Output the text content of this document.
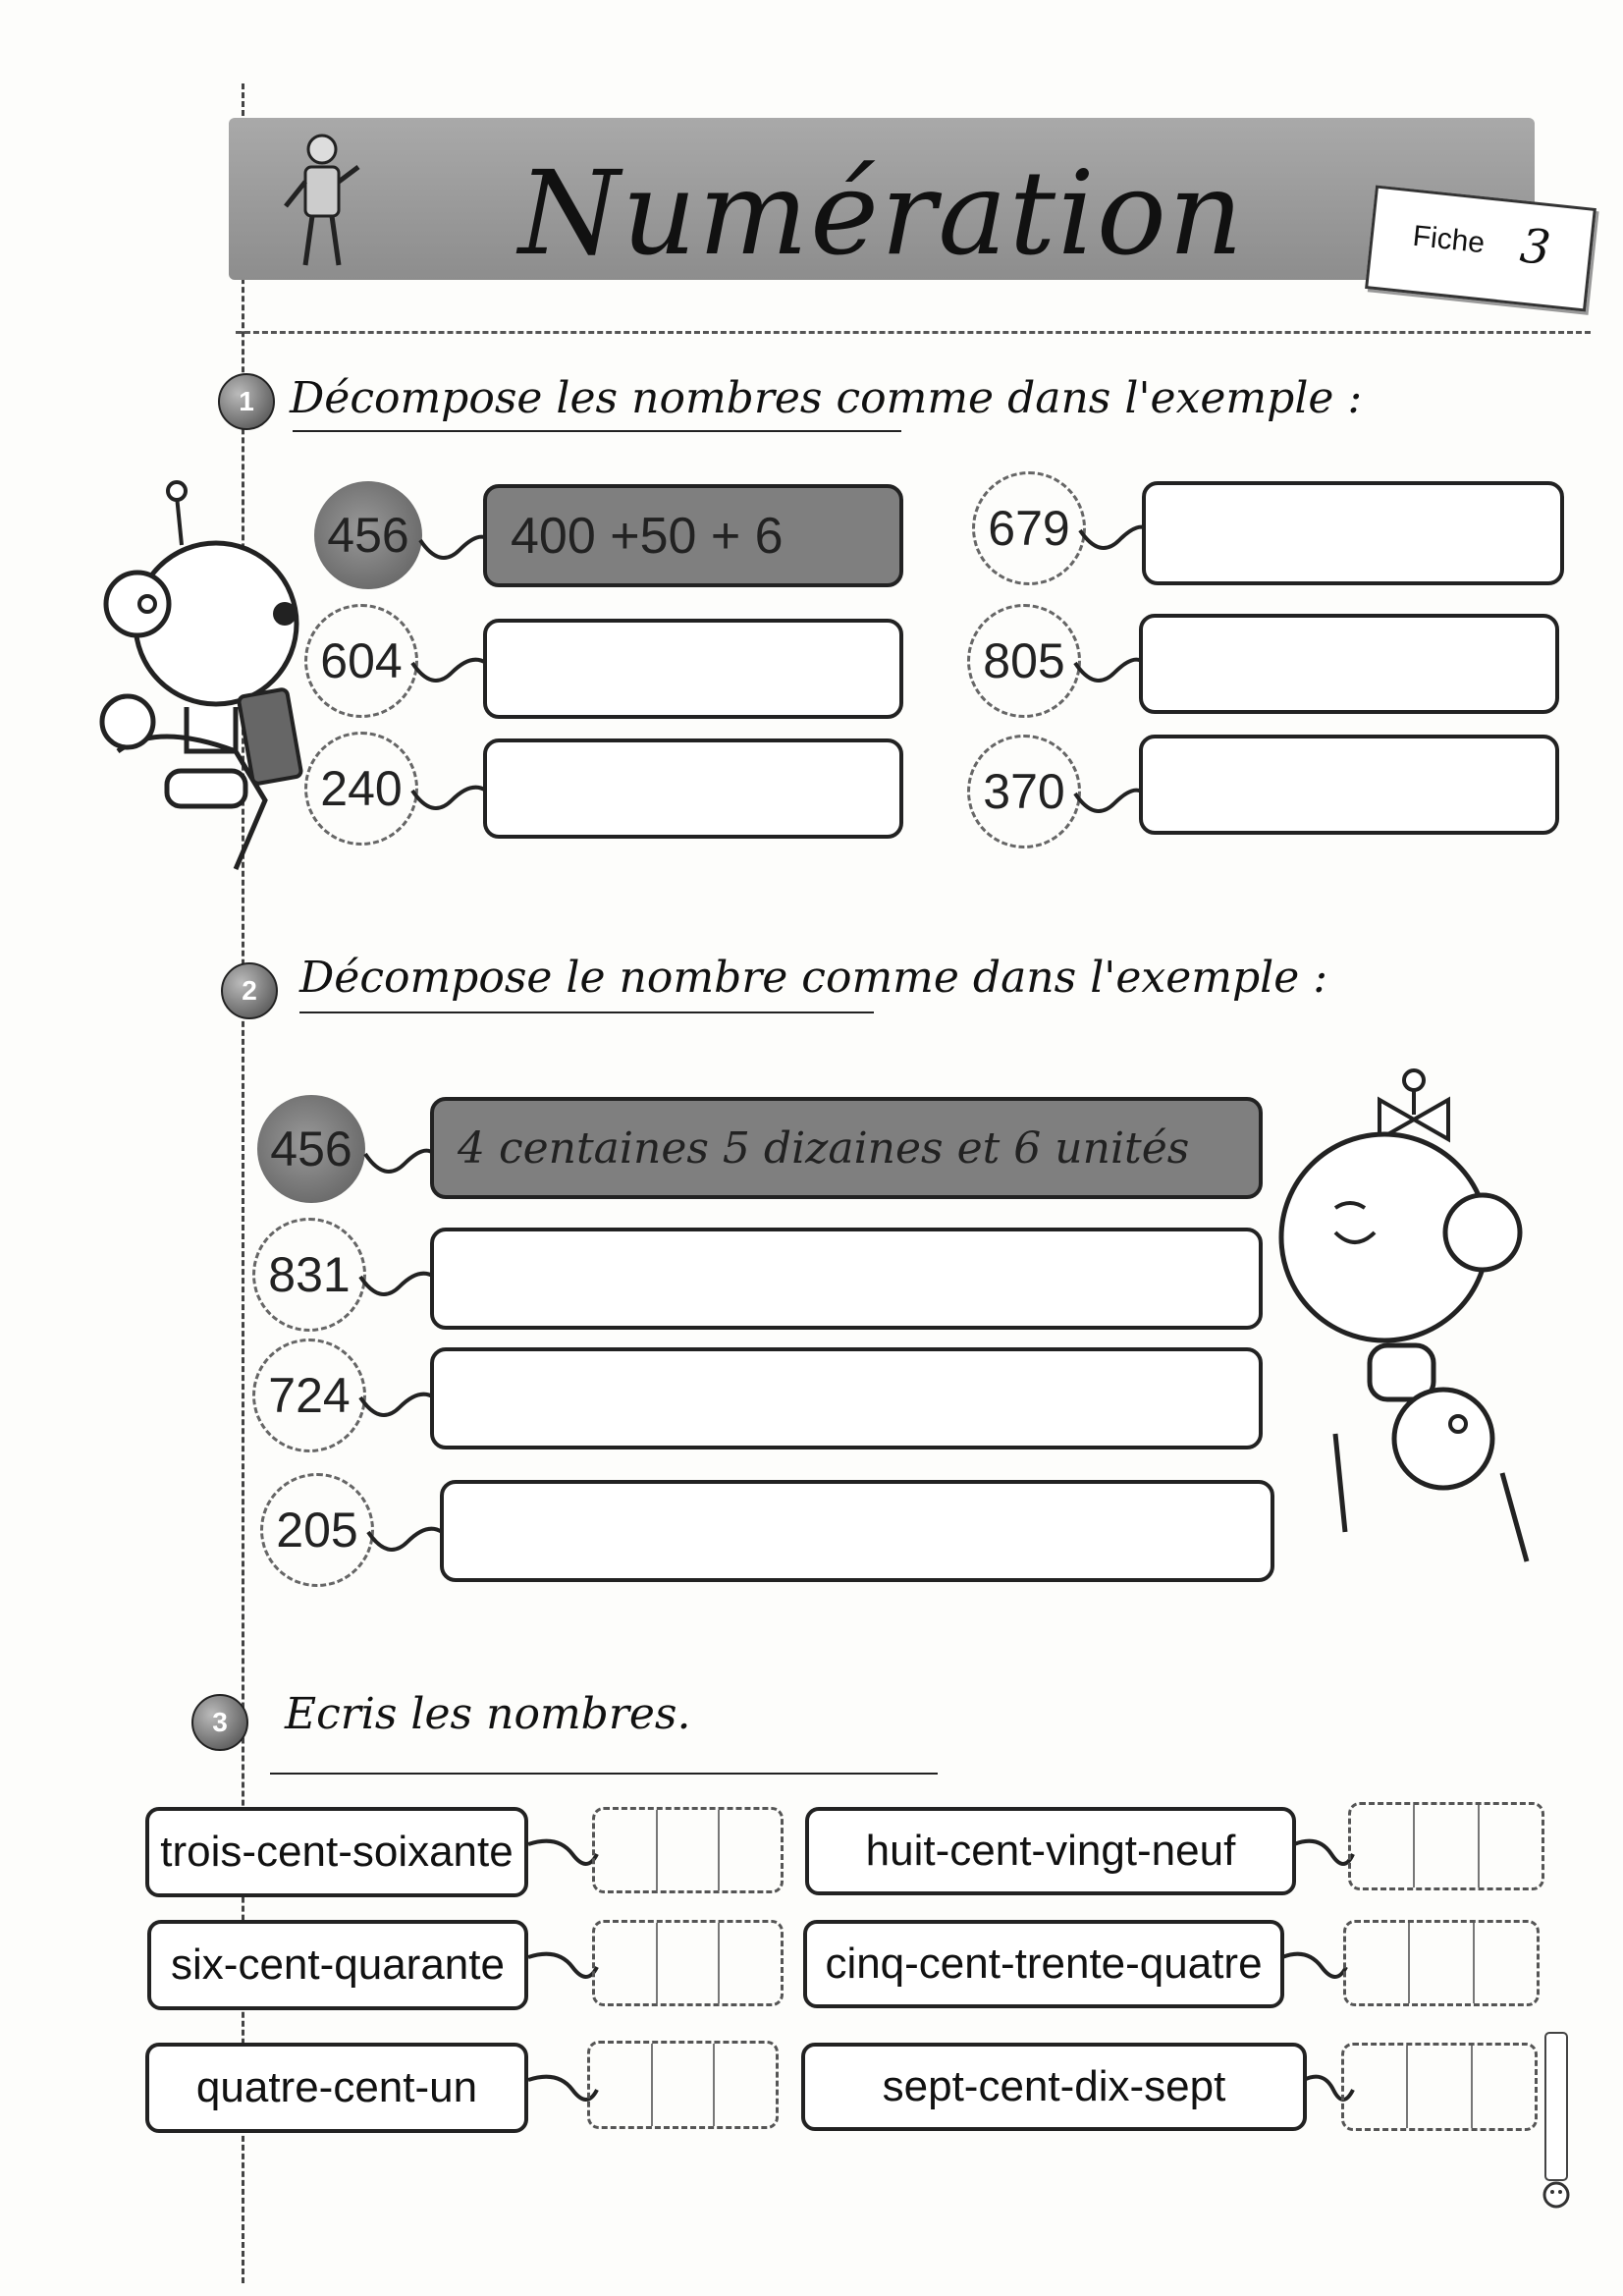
Numération	Fiche 3
1 Décompose les nombres comme dans l'exemple :
456 400 +50 + 6
604
240
679
805
370
2 Décompose le nombre comme dans l'exemple :
456	4 centaines 5 dizaines et 6 unités
831
724
205
3	Ecris les nombres.
trois-cent-soixante
six-cent-quarante
quatre-cent-un
huit-cent-vingt-neuf
cinq-cent-trente-quatre
sept-cent-dix-sept
